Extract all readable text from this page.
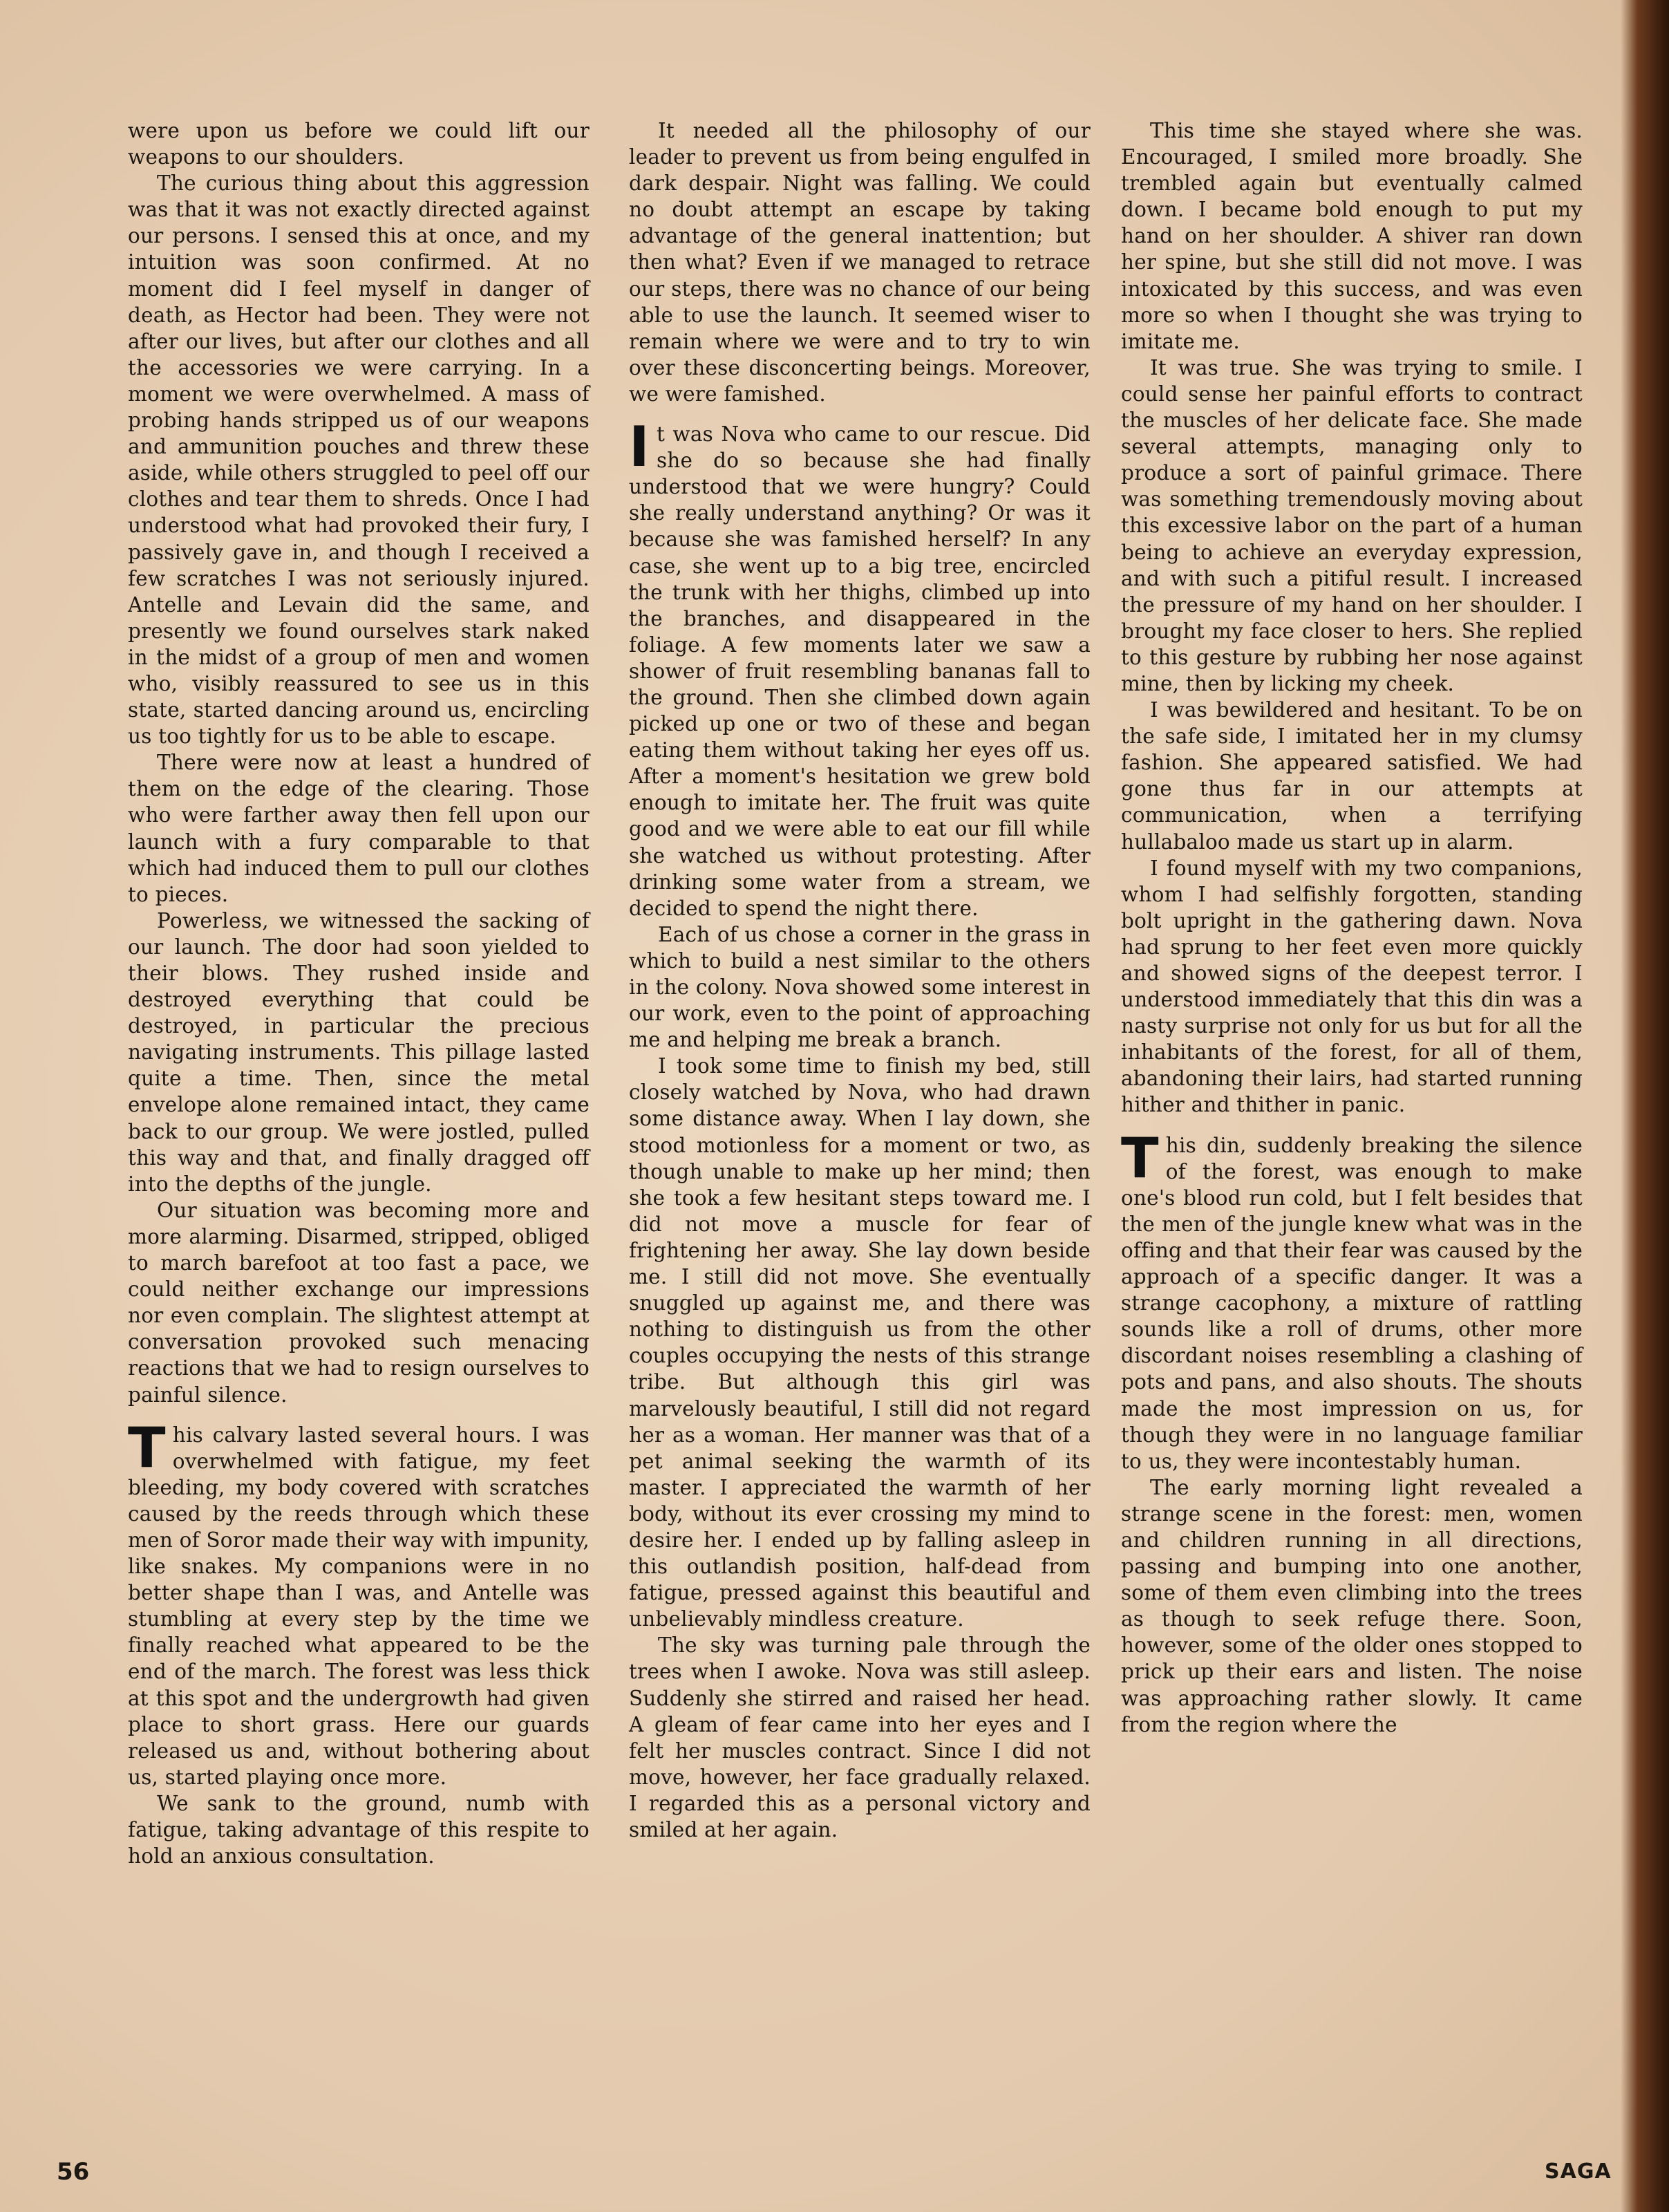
were upon us before we could lift our weapons to our shoulders.

The curious thing about this aggression was that it was not exactly directed against our persons. I sensed this at once, and my intuition was soon confirmed. At no moment did I feel myself in danger of death, as Hector had been. They were not after our lives, but after our clothes and all the accessories we were carrying. In a moment we were overwhelmed. A mass of probing hands stripped us of our weapons and ammunition pouches and threw these aside, while others struggled to peel off our clothes and tear them to shreds. Once I had understood what had provoked their fury, I passively gave in, and though I received a few scratches I was not seriously injured. Antelle and Levain did the same, and presently we found ourselves stark naked in the midst of a group of men and women who, visibly reassured to see us in this state, started dancing around us, encircling us too tightly for us to be able to escape.

There were now at least a hundred of them on the edge of the clearing. Those who were farther away then fell upon our launch with a fury comparable to that which had induced them to pull our clothes to pieces.

Powerless, we witnessed the sacking of our launch. The door had soon yielded to their blows. They rushed inside and destroyed everything that could be destroyed, in particular the precious navigating instruments. This pillage lasted quite a time. Then, since the metal envelope alone remained intact, they came back to our group. We were jostled, pulled this way and that, and finally dragged off into the depths of the jungle.

Our situation was becoming more and more alarming. Disarmed, stripped, obliged to march barefoot at too fast a pace, we could neither exchange our impressions nor even complain. The slightest attempt at conversation provoked such menacing reactions that we had to resign ourselves to painful silence.

This calvary lasted several hours. I was overwhelmed with fatigue, my feet bleeding, my body covered with scratches caused by the reeds through which these men of Soror made their way with impunity, like snakes. My companions were in no better shape than I was, and Antelle was stumbling at every step by the time we finally reached what appeared to be the end of the march. The forest was less thick at this spot and the undergrowth had given place to short grass. Here our guards released us and, without bothering about us, started playing once more.

We sank to the ground, numb with fatigue, taking advantage of this respite to hold an anxious consultation.

It needed all the philosophy of our leader to prevent us from being engulfed in dark despair. Night was falling. We could no doubt attempt an escape by taking advantage of the general inattention; but then what? Even if we managed to retrace our steps, there was no chance of our being able to use the launch. It seemed wiser to remain where we were and to try to win over these disconcerting beings. Moreover, we were famished.

It was Nova who came to our rescue. Did she do so because she had finally understood that we were hungry? Could she really understand anything? Or was it because she was famished herself? In any case, she went up to a big tree, encircled the trunk with her thighs, climbed up into the branches, and disappeared in the foliage. A few moments later we saw a shower of fruit resembling bananas fall to the ground. Then she climbed down again picked up one or two of these and began eating them without taking her eyes off us. After a moment's hesitation we grew bold enough to imitate her. The fruit was quite good and we were able to eat our fill while she watched us without protesting. After drinking some water from a stream, we decided to spend the night there.

Each of us chose a corner in the grass in which to build a nest similar to the others in the colony. Nova showed some interest in our work, even to the point of approaching me and helping me break a branch.

I took some time to finish my bed, still closely watched by Nova, who had drawn some distance away. When I lay down, she stood motionless for a moment or two, as though unable to make up her mind; then she took a few hesitant steps toward me. I did not move a muscle for fear of frightening her away. She lay down beside me. I still did not move. She eventually snuggled up against me, and there was nothing to distinguish us from the other couples occupying the nests of this strange tribe. But although this girl was marvelously beautiful, I still did not regard her as a woman. Her manner was that of a pet animal seeking the warmth of its master. I appreciated the warmth of her body, without its ever crossing my mind to desire her. I ended up by falling asleep in this outlandish position, half-dead from fatigue, pressed against this beautiful and unbelievably mindless creature.

The sky was turning pale through the trees when I awoke. Nova was still asleep. Suddenly she stirred and raised her head. A gleam of fear came into her eyes and I felt her muscles contract. Since I did not move, however, her face gradually relaxed. I regarded this as a personal victory and smiled at her again.

This time she stayed where she was. Encouraged, I smiled more broadly. She trembled again but eventually calmed down. I became bold enough to put my hand on her shoulder. A shiver ran down her spine, but she still did not move. I was intoxicated by this success, and was even more so when I thought she was trying to imitate me.

It was true. She was trying to smile. I could sense her painful efforts to contract the muscles of her delicate face. She made several attempts, managing only to produce a sort of painful grimace. There was something tremendously moving about this excessive labor on the part of a human being to achieve an everyday expression, and with such a pitiful result. I increased the pressure of my hand on her shoulder. I brought my face closer to hers. She replied to this gesture by rubbing her nose against mine, then by licking my cheek.

I was bewildered and hesitant. To be on the safe side, I imitated her in my clumsy fashion. She appeared satisfied. We had gone thus far in our attempts at communication, when a terrifying hullabaloo made us start up in alarm.

I found myself with my two companions, whom I had selfishly forgotten, standing bolt upright in the gathering dawn. Nova had sprung to her feet even more quickly and showed signs of the deepest terror. I understood immediately that this din was a nasty surprise not only for us but for all the inhabitants of the forest, for all of them, abandoning their lairs, had started running hither and thither in panic.

This din, suddenly breaking the silence of the forest, was enough to make one's blood run cold, but I felt besides that the men of the jungle knew what was in the offing and that their fear was caused by the approach of a specific danger. It was a strange cacophony, a mixture of rattling sounds like a roll of drums, other more discordant noises resembling a clashing of pots and pans, and also shouts. The shouts made the most impression on us, for though they were in no language familiar to us, they were incontestably human.

The early morning light revealed a strange scene in the forest: men, women and children running in all directions, passing and bumping into one another, some of them even climbing into the trees as though to seek refuge there. Soon, however, some of the older ones stopped to prick up their ears and listen. The noise was approaching rather slowly. It came from the region where the

56	SAGA
